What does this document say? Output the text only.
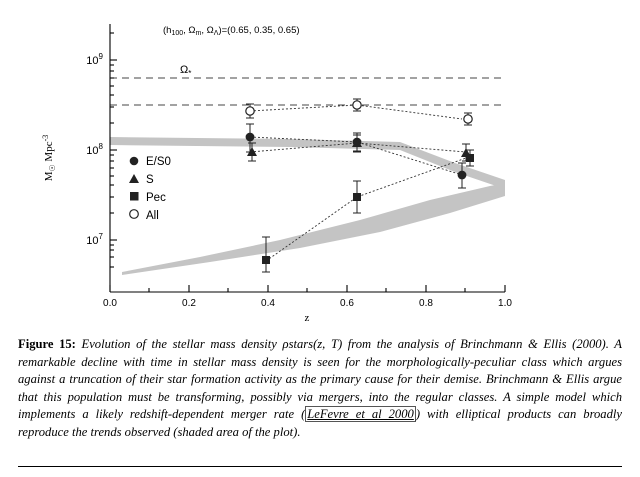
0.0	0.2	0.4	0.6	0.8	1.0
$10^7$
$10^8$
$10^9$
z
$M_☉$ Mpc$^{-3}$
($h_{100}$, $\Omega_m$, $\Omega_\Lambda)=(0.65$, 0.35, 0.65)
$\Omega_*$
E/S0
S
Pec
All
Figure 15: Evolution of the stellar mass density ρstars(z, T) from the analysis of Brinchmann & Ellis (2000). A remarkable decline with time in stellar mass density is seen for the morphologically-peculiar class which argues against a truncation of their star formation activity as the primary cause for their demise. Brinchmann & Ellis argue that this population must be transforming, possibly via mergers, into the regular classes. A simple model which implements a likely redshift-dependent merger rate ( LeFevre et al 2000 ) with elliptical products can broadly reproduce the trends observed (shaded area of the plot).
